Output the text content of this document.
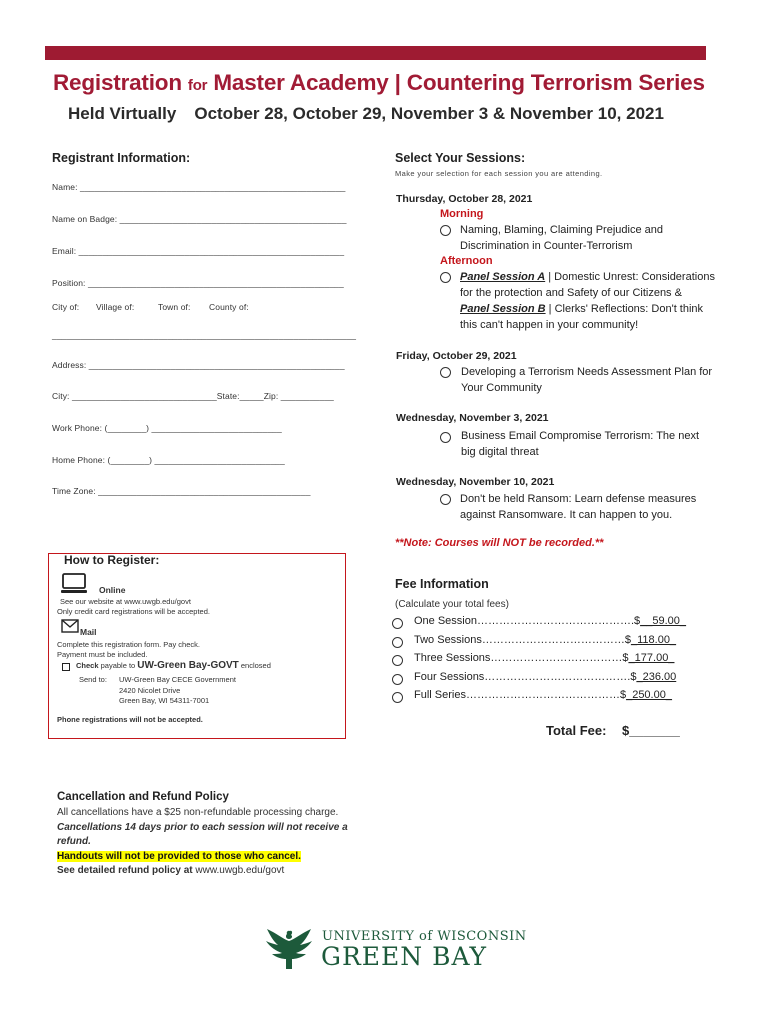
Registration for Master Academy | Countering Terrorism Series
Held Virtually October 28, October 29, November 3 & November 10, 2021
Registrant Information:
Name: _______________________________________________________
Name on Badge: _______________________________________________
Email: _______________________________________________________
Position: _____________________________________________________
City of: Village of:	Town of: County of:
_______________________________________________________________
Address: _____________________________________________________
City: ______________________________State:_____Zip: ___________
Work Phone: (________) ___________________________
Home Phone: (________) ___________________________
Time Zone: ____________________________________________
Select Your Sessions:
Make your selection for each session you are attending.
Thursday, October 28, 2021
Morning
Naming, Blaming, Claiming Prejudice and
Discrimination in Counter-Terrorism
Afternoon
Panel Session A | Domestic Unrest: Considerations
for the protection and Safety of our Citizens &
Panel Session B | Clerks' Reflections: Don't think
this can't happen in your community!
Friday, October 29, 2021
Developing a Terrorism Needs Assessment Plan for
Your Community
Wednesday, November 3, 2021
Business Email Compromise Terrorism: The next
big digital threat
Wednesday, November 10, 2021
Don't be held Ransom: Learn defense measures
against Ransomware. It can happen to you.
**Note: Courses will NOT be recorded.**
How to Register:
Online
See our website at www.uwgb.edu/govt
Only credit card registrations will be accepted.
Mail
Complete this registration form. Pay check.
Payment must be included.
Check payable to UW-Green Bay-GOVT enclosed
Send to: UW-Green Bay CECE Government
2420 Nicolet Drive
Green Bay, WI 54311-7001
Phone registrations will not be accepted.
Fee Information
(Calculate your total fees)
One Session…………………………………….$__59.00_
Two Sessions…………………………………$_118.00_
Three Sessions………………………………$_177.00_
Four Sessions………………………………….$_236.00
Full Series……………………………………$_250.00_
Total Fee: $_______
Cancellation and Refund Policy
All cancellations have a $25 non-refundable processing charge.
Cancellations 14 days prior to each session will not receive a
refund.
Handouts will not be provided to those who cancel.
See detailed refund policy at www.uwgb.edu/govt
UNIVERSITY of WISCONSIN
GREEN BAY
